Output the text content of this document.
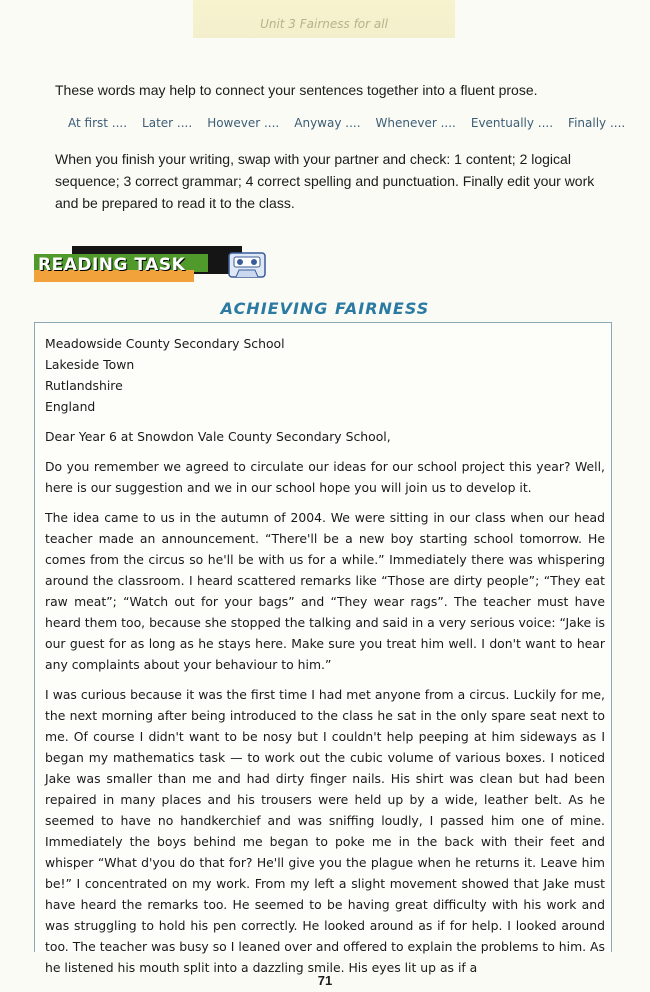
Unit 3 Fairness for all
These words may help to connect your sentences together into a fluent prose.
At first .... Later .... However .... Anyway .... Whenever .... Eventually .... Finally ....
When you finish your writing, swap with your partner and check: 1 content; 2 logical sequence; 3 correct grammar; 4 correct spelling and punctuation. Finally edit your work and be prepared to read it to the class.
READING TASK
ACHIEVING FAIRNESS

Meadowside County Secondary School
Lakeside Town
Rutlandshire
England

Dear Year 6 at Snowdon Vale County Secondary School,

Do you remember we agreed to circulate our ideas for our school project this year? Well, here is our suggestion and we in our school hope you will join us to develop it.

The idea came to us in the autumn of 2004. We were sitting in our class when our head teacher made an announcement. “There'll be a new boy starting school tomorrow. He comes from the circus so he'll be with us for a while.” Immediately there was whispering around the classroom. I heard scattered remarks like “Those are dirty people”; “They eat raw meat”; “Watch out for your bags” and “They wear rags”. The teacher must have heard them too, because she stopped the talking and said in a very serious voice: “Jake is our guest for as long as he stays here. Make sure you treat him well. I don't want to hear any complaints about your behaviour to him.”

I was curious because it was the first time I had met anyone from a circus. Luckily for me, the next morning after being introduced to the class he sat in the only spare seat next to me. Of course I didn't want to be nosy but I couldn't help peeping at him sideways as I began my mathematics task — to work out the cubic volume of various boxes. I noticed Jake was smaller than me and had dirty finger nails. His shirt was clean but had been repaired in many places and his trousers were held up by a wide, leather belt. As he seemed to have no handkerchief and was sniffing loudly, I passed him one of mine. Immediately the boys behind me began to poke me in the back with their feet and whisper “What d'you do that for? He'll give you the plague when he returns it. Leave him be!” I concentrated on my work. From my left a slight movement showed that Jake must have heard the remarks too. He seemed to be having great difficulty with his work and was struggling to hold his pen correctly. He looked around as if for help. I looked around too. The teacher was busy so I leaned over and offered to explain the problems to him. As he listened his mouth split into a dazzling smile. His eyes lit up as if a

71
